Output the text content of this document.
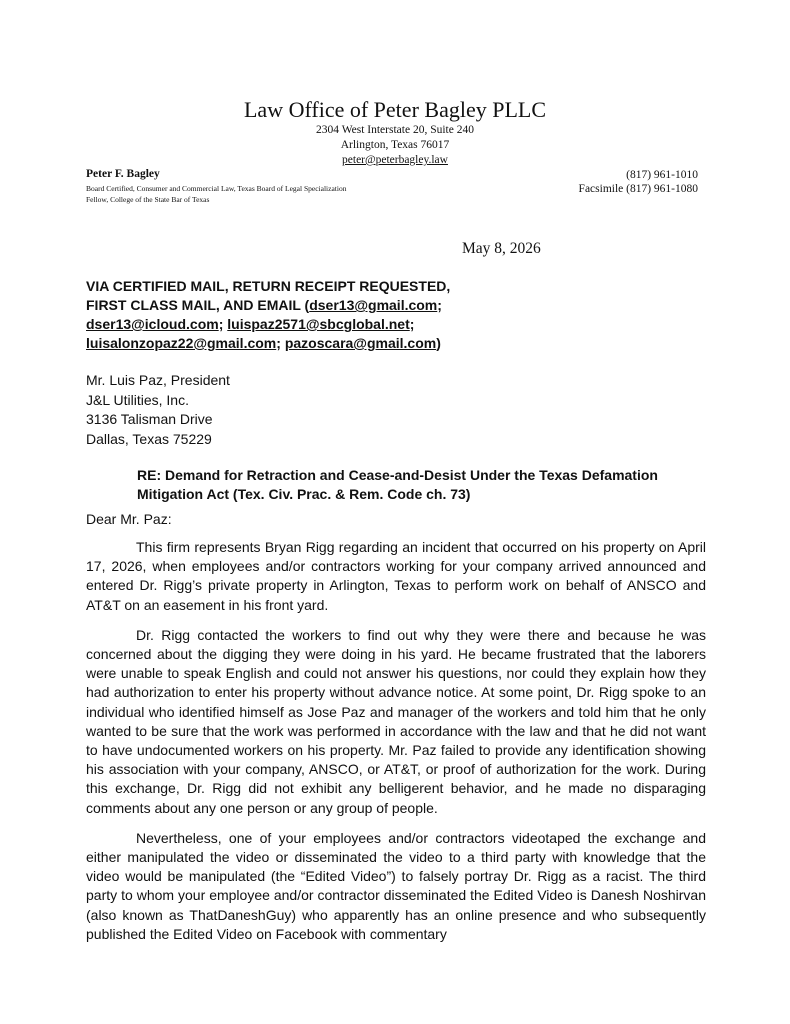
Law Office of Peter Bagley PLLC
2304 West Interstate 20, Suite 240
Arlington, Texas 76017
peter@peterbagley.law
Peter F. Bagley
Board Certified, Consumer and Commercial Law, Texas Board of Legal Specialization
Fellow, College of the State Bar of Texas
(817) 961-1010
Facsimile (817) 961-1080
May 8, 2026
VIA CERTIFIED MAIL, RETURN RECEIPT REQUESTED,
FIRST CLASS MAIL, AND EMAIL (dser13@gmail.com;
dser13@icloud.com; luispaz2571@sbcglobal.net;
luisalonzopaz22@gmail.com; pazoscara@gmail.com)
Mr. Luis Paz, President
J&L Utilities, Inc.
3136 Talisman Drive
Dallas, Texas 75229
RE: Demand for Retraction and Cease-and-Desist Under the Texas Defamation Mitigation Act (Tex. Civ. Prac. & Rem. Code ch. 73)
Dear Mr. Paz:

This firm represents Bryan Rigg regarding an incident that occurred on his property on April 17, 2026, when employees and/or contractors working for your company arrived announced and entered Dr. Rigg’s private property in Arlington, Texas to perform work on behalf of ANSCO and AT&T on an easement in his front yard.

Dr. Rigg contacted the workers to find out why they were there and because he was concerned about the digging they were doing in his yard. He became frustrated that the laborers were unable to speak English and could not answer his questions, nor could they explain how they had authorization to enter his property without advance notice. At some point, Dr. Rigg spoke to an individual who identified himself as Jose Paz and manager of the workers and told him that he only wanted to be sure that the work was performed in accordance with the law and that he did not want to have undocumented workers on his property. Mr. Paz failed to provide any identification showing his association with your company, ANSCO, or AT&T, or proof of authorization for the work. During this exchange, Dr. Rigg did not exhibit any belligerent behavior, and he made no disparaging comments about any one person or any group of people.

Nevertheless, one of your employees and/or contractors videotaped the exchange and either manipulated the video or disseminated the video to a third party with knowledge that the video would be manipulated (the “Edited Video”) to falsely portray Dr. Rigg as a racist. The third party to whom your employee and/or contractor disseminated the Edited Video is Danesh Noshirvan (also known as ThatDaneshGuy) who apparently has an online presence and who subsequently published the Edited Video on Facebook with commentary
